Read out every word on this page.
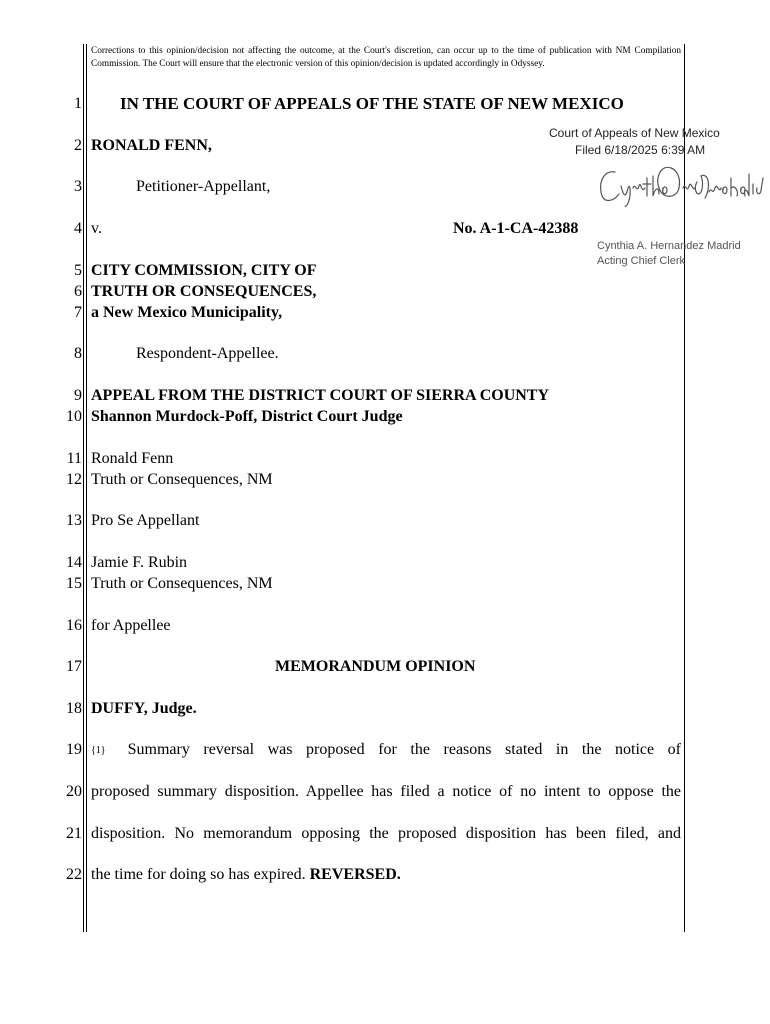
Corrections to this opinion/decision not affecting the outcome, at the Court's discretion, can occur up to the time of publication with NM Compilation Commission. The Court will ensure that the electronic version of this opinion/decision is updated accordingly in Odyssey.
1
2
3
4
5
6
7
8
9
10
11
12
13
14
15
16
17
18
19
20
21
22
IN THE COURT OF APPEALS OF THE STATE OF NEW MEXICO
RONALD FENN,
Petitioner-Appellant,
v.	No. A-1-CA-42388
CITY COMMISSION, CITY OF
TRUTH OR CONSEQUENCES,
a New Mexico Municipality,
Respondent-Appellee.
APPEAL FROM THE DISTRICT COURT OF SIERRA COUNTY
Shannon Murdock-Poff, District Court Judge
Ronald Fenn
Truth or Consequences, NM
Pro Se Appellant
Jamie F. Rubin
Truth or Consequences, NM
for Appellee
MEMORANDUM OPINION
DUFFY, Judge.
{1} Summary reversal was proposed for the reasons stated in the notice of
proposed summary disposition. Appellee has filed a notice of no intent to oppose the
disposition. No memorandum opposing the proposed disposition has been filed, and
the time for doing so has expired. REVERSED.
Court of Appeals of New Mexico
Filed 6/18/2025 6:39 AM
Cynthia A. Hernandez Madrid
Acting Chief Clerk
